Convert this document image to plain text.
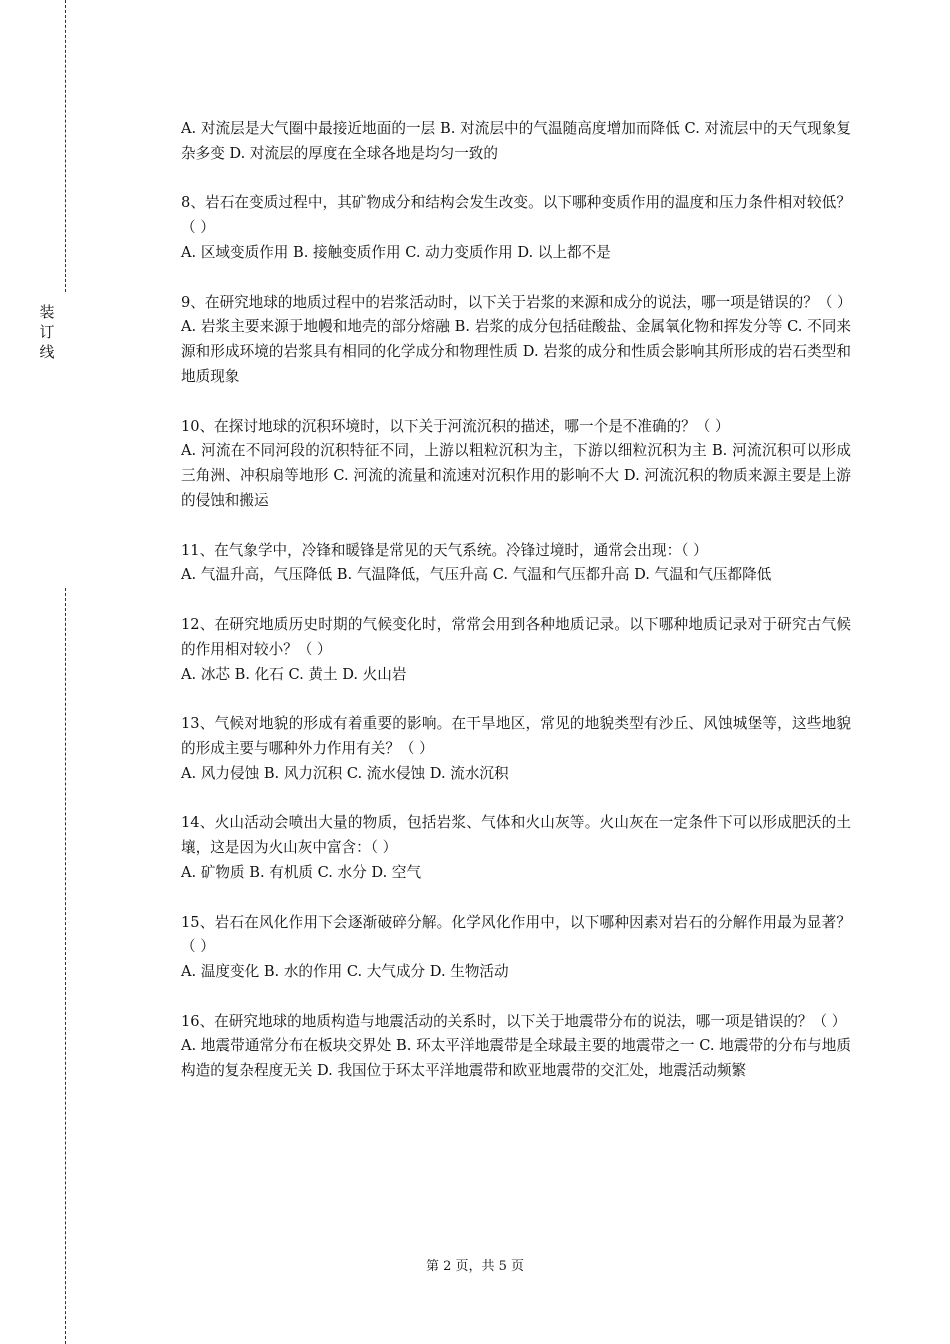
装
订
线

A. 对流层是大气圈中最接近地面的一层 B. 对流层中的气温随高度增加而降低 C. 对流层中的天气现象复杂多变 D. 对流层的厚度在全球各地是均匀一致的

8、岩石在变质过程中，其矿物成分和结构会发生改变。以下哪种变质作用的温度和压力条件相对较低？（ ）

A. 区域变质作用 B. 接触变质作用 C. 动力变质作用 D. 以上都不是

9、在研究地球的地质过程中的岩浆活动时，以下关于岩浆的来源和成分的说法，哪一项是错误的？（ ）

A. 岩浆主要来源于地幔和地壳的部分熔融 B. 岩浆的成分包括硅酸盐、金属氧化物和挥发分等 C. 不同来源和形成环境的岩浆具有相同的化学成分和物理性质 D. 岩浆的成分和性质会影响其所形成的岩石类型和地质现象

10、在探讨地球的沉积环境时，以下关于河流沉积的描述，哪一个是不准确的？（ ）

A. 河流在不同河段的沉积特征不同，上游以粗粒沉积为主，下游以细粒沉积为主 B. 河流沉积可以形成三角洲、冲积扇等地形 C. 河流的流量和流速对沉积作用的影响不大 D. 河流沉积的物质来源主要是上游的侵蚀和搬运

11、在气象学中，冷锋和暖锋是常见的天气系统。冷锋过境时，通常会出现：（ ）

A. 气温升高，气压降低 B. 气温降低，气压升高 C. 气温和气压都升高 D. 气温和气压都降低

12、在研究地质历史时期的气候变化时，常常会用到各种地质记录。以下哪种地质记录对于研究古气候的作用相对较小？（ ）

A. 冰芯 B. 化石 C. 黄土 D. 火山岩

13、气候对地貌的形成有着重要的影响。在干旱地区，常见的地貌类型有沙丘、风蚀城堡等，这些地貌的形成主要与哪种外力作用有关？（ ）

A. 风力侵蚀 B. 风力沉积 C. 流水侵蚀 D. 流水沉积

14、火山活动会喷出大量的物质，包括岩浆、气体和火山灰等。火山灰在一定条件下可以形成肥沃的土壤，这是因为火山灰中富含：（ ）

A. 矿物质 B. 有机质 C. 水分 D. 空气

15、岩石在风化作用下会逐渐破碎分解。化学风化作用中，以下哪种因素对岩石的分解作用最为显著？（ ）

A. 温度变化 B. 水的作用 C. 大气成分 D. 生物活动

16、在研究地球的地质构造与地震活动的关系时，以下关于地震带分布的说法，哪一项是错误的？（ ）

A. 地震带通常分布在板块交界处 B. 环太平洋地震带是全球最主要的地震带之一 C. 地震带的分布与地质构造的复杂程度无关 D. 我国位于环太平洋地震带和欧亚地震带的交汇处，地震活动频繁

第 2 页，共 5 页
